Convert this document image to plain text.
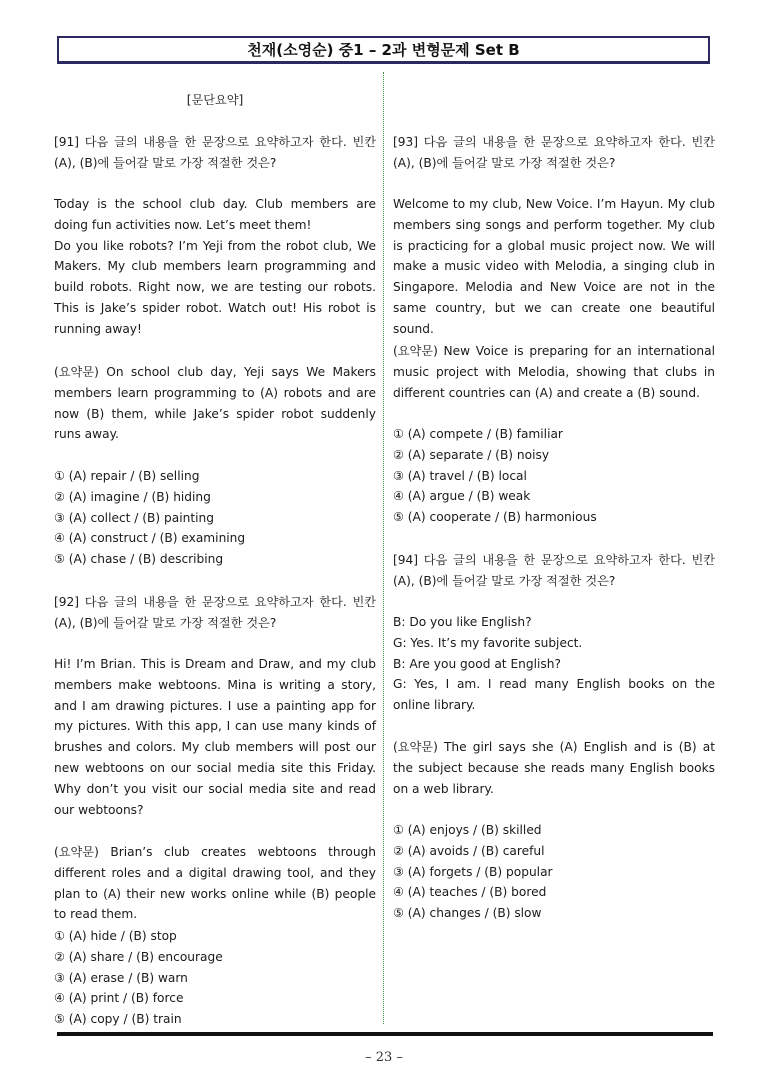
천재(소영순) 중1 – 2과 변형문제 Set B
[문단요약]
[91] 다음 글의 내용을 한 문장으로 요약하고자 한다. 빈칸 (A), (B)에 들어갈 말로 가장 적절한 것은?
Today is the school club day. Club members are doing fun activities now. Let’s meet them!
Do you like robots? I’m Yeji from the robot club, We Makers. My club members learn programming and build robots. Right now, we are testing our robots. This is Jake’s spider robot. Watch out! His robot is running away!
(요약문) On school club day, Yeji says We Makers members learn programming to (A) robots and are now (B) them, while Jake’s spider robot suddenly runs away.
① (A) repair / (B) selling
② (A) imagine / (B) hiding
③ (A) collect / (B) painting
④ (A) construct / (B) examining
⑤ (A) chase / (B) describing
[92] 다음 글의 내용을 한 문장으로 요약하고자 한다. 빈칸 (A), (B)에 들어갈 말로 가장 적절한 것은?
Hi! I’m Brian. This is Dream and Draw, and my club members make webtoons. Mina is writing a story, and I am drawing pictures. I use a painting app for my pictures. With this app, I can use many kinds of brushes and colors. My club members will post our new webtoons on our social media site this Friday. Why don’t you visit our social media site and read our webtoons?
(요약문) Brian’s club creates webtoons through different roles and a digital drawing tool, and they plan to (A) their new works online while (B) people to read them.
① (A) hide / (B) stop
② (A) share / (B) encourage
③ (A) erase / (B) warn
④ (A) print / (B) force
⑤ (A) copy / (B) train
[93] 다음 글의 내용을 한 문장으로 요약하고자 한다. 빈칸 (A), (B)에 들어갈 말로 가장 적절한 것은?
Welcome to my club, New Voice. I’m Hayun. My club members sing songs and perform together. My club is practicing for a global music project now. We will make a music video with Melodia, a singing club in Singapore. Melodia and New Voice are not in the same country, but we can create one beautiful sound.
(요약문) New Voice is preparing for an international music project with Melodia, showing that clubs in different countries can (A) and create a (B) sound.
① (A) compete / (B) familiar
② (A) separate / (B) noisy
③ (A) travel / (B) local
④ (A) argue / (B) weak
⑤ (A) cooperate / (B) harmonious
[94] 다음 글의 내용을 한 문장으로 요약하고자 한다. 빈칸 (A), (B)에 들어갈 말로 가장 적절한 것은?
B: Do you like English?
G: Yes. It’s my favorite subject.
B: Are you good at English?
G: Yes, I am. I read many English books on the online library.
(요약문) The girl says she (A) English and is (B) at the subject because she reads many English books on a web library.
① (A) enjoys / (B) skilled
② (A) avoids / (B) careful
③ (A) forgets / (B) popular
④ (A) teaches / (B) bored
⑤ (A) changes / (B) slow
– 23 –
